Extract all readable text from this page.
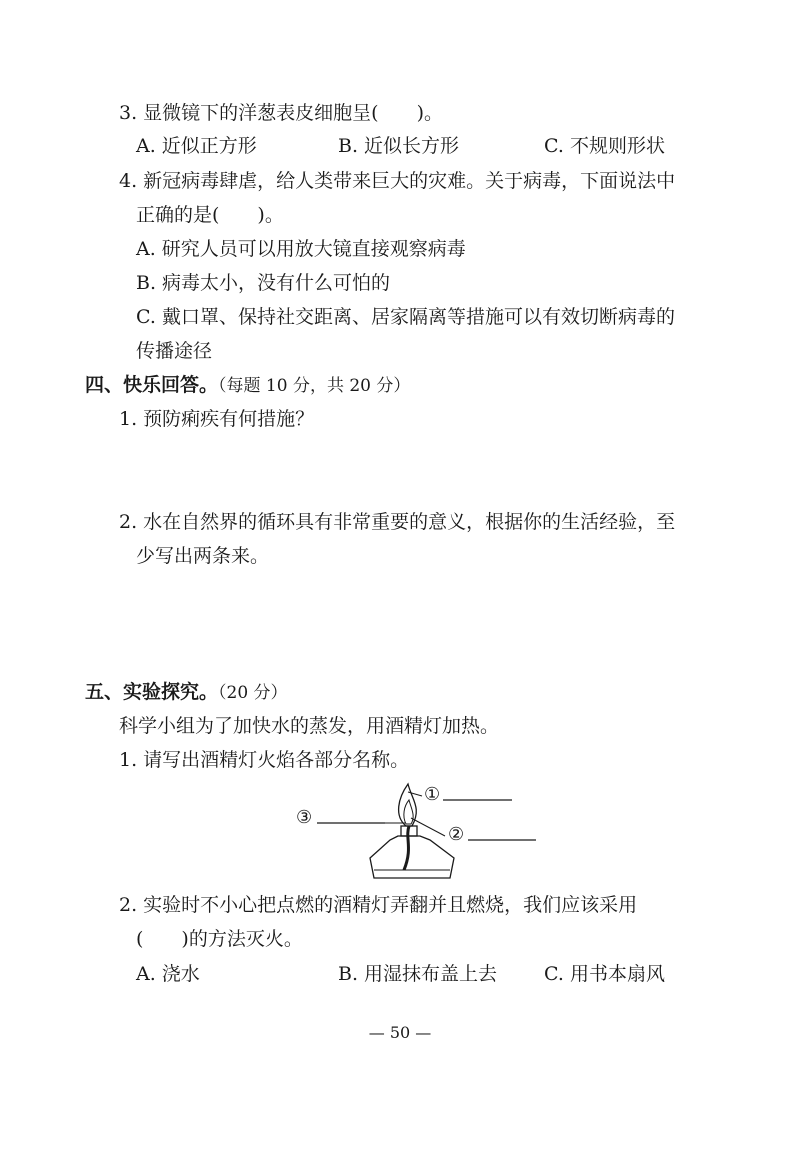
3. 显微镜下的洋葱表皮细胞呈(　　)。
A. 近似正方形	B. 近似长方形	C. 不规则形状
4. 新冠病毒肆虐，给人类带来巨大的灾难。关于病毒，下面说法中
正确的是(　　)。
A. 研究人员可以用放大镜直接观察病毒
B. 病毒太小，没有什么可怕的
C. 戴口罩、保持社交距离、居家隔离等措施可以有效切断病毒的
传播途径
四、快乐回答。（每题 10 分，共 20 分）
1. 预防痢疾有何措施？
2. 水在自然界的循环具有非常重要的意义，根据你的生活经验，至
少写出两条来。
五、实验探究。（20 分）
科学小组为了加快水的蒸发，用酒精灯加热。
1. 请写出酒精灯火焰各部分名称。
①
②
③
2. 实验时不小心把点燃的酒精灯弄翻并且燃烧，我们应该采用
(　　)的方法灭火。
A. 浇水	B. 用湿抹布盖上去 C. 用书本扇风
— 50 —
